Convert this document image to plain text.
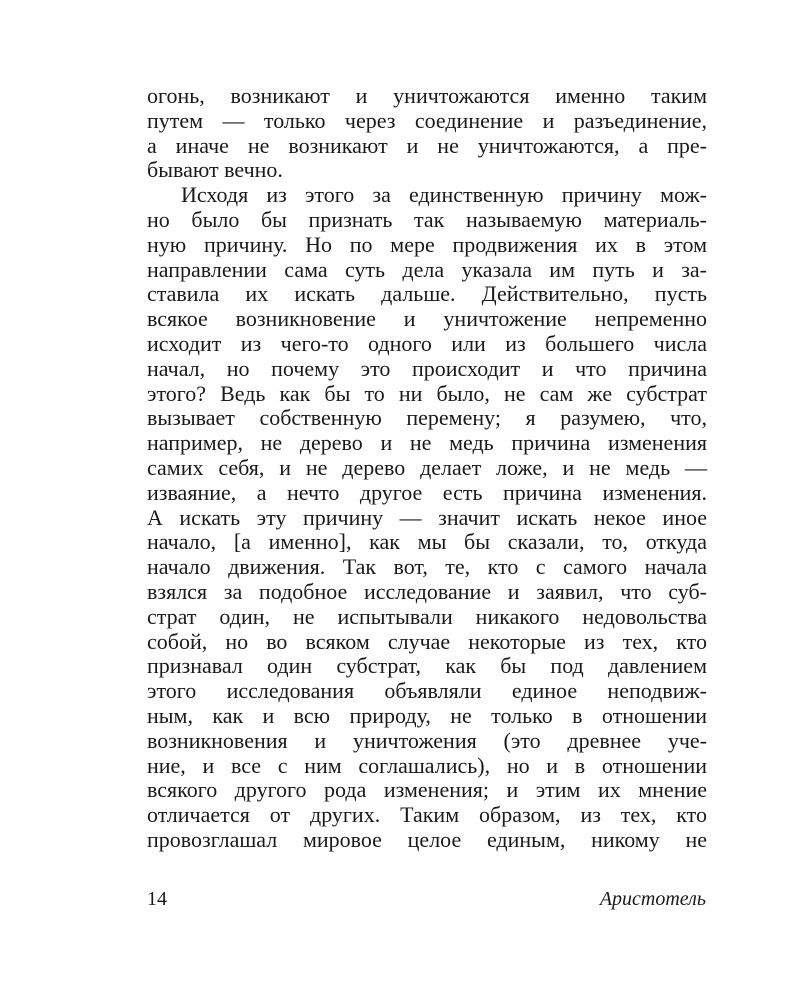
огонь, возникают и уничтожаются именно таким
путем — только через соединение и разъединение,
а иначе не возникают и не уничтожаются, а пре-
бывают вечно.
Исходя из этого за единственную причину мож-
но было бы признать так называемую материаль-
ную причину. Но по мере продвижения их в этом
направлении сама суть дела указала им путь и за-
ставила их искать дальше. Действительно, пусть
всякое возникновение и уничтожение непременно
исходит из чего-то одного или из большего числа
начал, но почему это происходит и что причина
этого? Ведь как бы то ни было, не сам же субстрат
вызывает собственную перемену; я разумею, что,
например, не дерево и не медь причина изменения
самих себя, и не дерево делает ложе, и не медь —
изваяние, а нечто другое есть причина изменения.
А искать эту причину — значит искать некое иное
начало, [а именно], как мы бы сказали, то, откуда
начало движения. Так вот, те, кто с самого начала
взялся за подобное исследование и заявил, что суб-
страт один, не испытывали никакого недовольства
собой, но во всяком случае некоторые из тех, кто
признавал один субстрат, как бы под давлением
этого исследования объявляли единое неподвиж-
ным, как и всю природу, не только в отношении
возникновения и уничтожения (это древнее уче-
ние, и все с ним соглашались), но и в отношении
всякого другого рода изменения; и этим их мнение
отличается от других. Таким образом, из тех, кто
провозглашал мировое целое единым, никому не
14	Аристотель
